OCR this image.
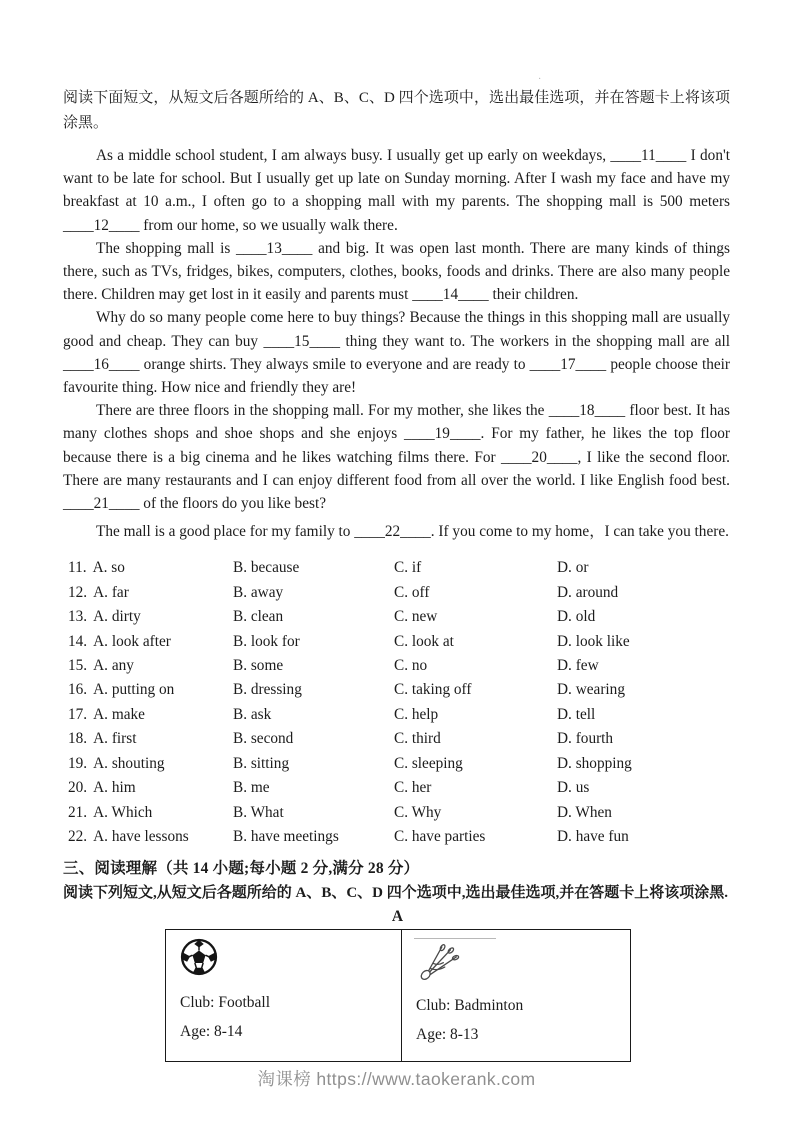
·

阅读下面短文，从短文后各题所给的 A、B、C、D 四个选项中，选出最佳选项，并在答题卡上将该项涂黑。

As a middle school student, I am always busy. I usually get up early on weekdays, ____11____ I don't want to be late for school. But I usually get up late on Sunday morning. After I wash my face and have my breakfast at 10 a.m., I often go to a shopping mall with my parents. The shopping mall is 500 meters ____12____ from our home, so we usually walk there.

The shopping mall is ____13____ and big. It was open last month. There are many kinds of things there, such as TVs, fridges, bikes, computers, clothes, books, foods and drinks. There are also many people there. Children may get lost in it easily and parents must ____14____ their children.

Why do so many people come here to buy things? Because the things in this shopping mall are usually good and cheap. They can buy ____15____ thing they want to. The workers in the shopping mall are all ____16____ orange shirts. They always smile to everyone and are ready to ____17____ people choose their favourite thing. How nice and friendly they are!

There are three floors in the shopping mall. For my mother, she likes the ____18____ floor best. It has many clothes shops and shoe shops and she enjoys ____19____. For my father, he likes the top floor because there is a big cinema and he likes watching films there. For ____20____, I like the second floor. There are many restaurants and I can enjoy different food from all over the world. I like English food best. ____21____ of the floors do you like best?

The mall is a good place for my family to ____22____. If you come to my home，I can take you there.

11. A. so	B. because	C. if	D. or
12. A. far	B. away	C. off	D. around
13. A. dirty	B. clean	C. new	D. old
14. A. look after	B. look for	C. look at	D. look like
15. A. any	B. some	C. no	D. few
16. A. putting on	B. dressing	C. taking off	D. wearing
17. A. make	B. ask	C. help	D. tell
18. A. first	B. second	C. third	D. fourth
19. A. shouting	B. sitting	C. sleeping	D. shopping
20. A. him	B. me	C. her	D. us
21. A. Which	B. What	C. Why	D. When
22. A. have lessons	B. have meetings	C. have parties	D. have fun
三、阅读理解（共 14 小题;每小题 2 分,满分 28 分）
阅读下列短文,从短文后各题所给的 A、B、C、D 四个选项中,选出最佳选项,并在答题卡上将该项涂黑.
A
Club: Football
Age: 8-14

Club: Badminton
Age: 8-13
淘课榜 https://www.taokerank.com
